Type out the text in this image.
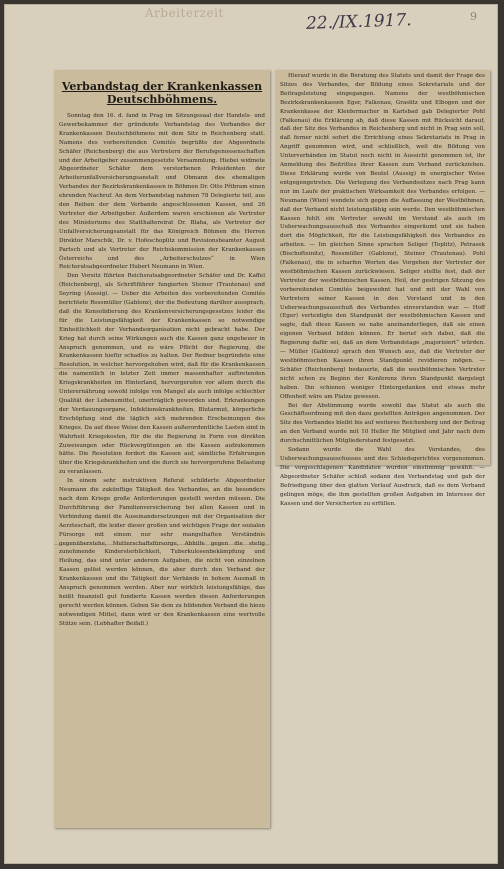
Arbeiterzeit	22./IX.1917.	9
Verbandstag der Krankenkassen
Deutschböhmens.

Sonntag den 16. d. fand in Prag im Sitzungssaal der Handels- und Gewerbekammer der gründende Verbandstag des Verbandes der Krankenkassen Deutschböhmens mit dem Sitz in Reichenberg statt. Namens des vorbereitenden Comités begrüßte der Abgeordnete Schäfer (Reichenberg) die aus Vertretern der Berufsgenossenschaften und der Arbeitgeber zusammengesetzte Versammlung. Hiebei widmete Abgeordneter Schäfer dem verstorbenen Präsidenten der Arbeiterunfallversicherungsanstalt und Obmann des ehemaligen Verbandes der Bezirkskrankenkassen in Böhmen Dr. Otto Přibram einen ehrenden Nachruf. An dem Verbandstag nahmen 78 Delegierte teil, aus den Reihen der dem Verbande angeschlossenen Kassen, und 26 Vertreter der Arbeitgeber. Außerdem waren erschienen als Vertreter des Ministeriums des Statthaltereirat Dr. Blaha, als Vertreter der Unfallversicherungsanstalt für das Königreich Böhmen die Herren Direktor Marschik, Dr. v. Hofeschoplitz und Revisionsbeamter August Partsch und als Vertreter der Reichskommission der Krankenkassen Österreichs und des „Arbeiterschutzes“ in Wien Reichsratsabgeordneter Hubert Neumann in Wien.

Den Vorsitz führten Reichsratsabgeordneter Schäfer und Dr. Kaffel (Reichenberg), als Schriftführer fungierten Steiner (Trautenau) und Seyring (Aussig). — Ueber die Arbeiten des vorbereitenden Comités berichtete Rossmüller (Gablonz), der die Bedeutung darüber aussprach, daß die Konsolidierung des Krankenversicherungsgesetzes leider die für die Leistungsfähigkeit der Krankenkassen so notwendige Einheitlichkeit der Verbandsorganisation nicht gebracht habe. Der Krieg hat durch seine Wirkungen auch die Kassen ganz ungeheuer in Anspruch genommen, und es wäre Pflicht der Regierung, die Krankenkassen hiefür schadlos zu halten. Der Redner begründete eine Resolution, in welcher hervorgehoben wird, daß für die Krankenkassen die namentlich in letzter Zeit immer massenhafter auftretenden Kriegskrankheiten im Hinterland, hervorgerufen vor allem durch die Unterernährung sowohl infolge von Mangel als auch infolge schlechter Qualität der Lebensmittel, unerträglich geworden sind. Erkrankungen der Verdauungsorgane, Infektionskrankheiten, Blutarmut, körperliche Erschöpfung sind die täglich sich mehrenden Erscheinungen des Krieges. Da auf diese Weise den Kassen außerordentliche Lasten sind in Wahrheit Kriegskosten, für die die Regierung in Form von direkten Zuweisungen oder Rückvergütungen an die Kassen aufzukommen hätte. Die Resolution fordert die Kassen auf, sämtliche Erfahrungen über die Kriegskrankheiten und die durch sie hervorgerufene Belastung zu veranlassen.

In einem sehr instruktiven Referat schilderte Abgeordneter Neumann die zukünftige Tätigkeit des Verbandes, an die besonders nach dem Kriege große Anforderungen gestellt werden müssen. Die Durchführung der Familienversicherung bei allen Kassen und in Verbindung damit die Auseinandersetzungen mit der Organisation der Aerzteschaft, die leider dieser großen und wichtigen Frage der sozialen Fürsorge mit einem nur sehr mangelhaften Verständnis gegenüberstehe, Mutterschaftsfürsorge, Abhilfe gegen die stetig zunehmende Kindersterblichkeit, Tuberkulosenbekämpfung und Heilung, das sind unter anderem Aufgaben, die nicht von einzelnen Kassen gelöst werden können, die aber durch den Verband der Krankenkassen und die Tätigkeit der Verbände in hohem Ausmaß in Anspruch genommen werden. Aber nur wirklich leistungsfähige, das heißt finanziell gut fundierte Kassen werden diesen Anforderungen gerecht werden können. Geben Sie dem zu bildenden Verband die hiezu notwendigen Mittel, dann wird er den Krankenkassen eine wertvolle Stütze sein. (Lebhafter Beifall.)

Hierauf wurde in die Beratung des Statuts und damit der Frage des Sitzes des Verbandes, der Bildung eines Sekretariats und der Beitragsleistung eingegangen. Namens der westböhmischen Bezirkskrankenkassen Eger, Falkenau, Graslitz und Elbogen und der Krankenkasse der Kleidermacher in Karlsbad gab Delegierter Pohl (Falkenau) die Erklärung ab, daß diese Kassen mit Rücksicht darauf, daß der Sitz des Verbandes in Reichenberg und nicht in Prag sein soll, daß ferner nicht sofort die Errichtung eines Sekretariats in Prag in Angriff genommen wird, und schließlich, weil die Bildung von Unterverbänden im Statut noch nicht in Aussicht genommen ist, ihr Anmeldung des Beitrittes ihrer Kassen zum Verband zurückziehen. Diese Erklärung wurde von Beutel (Aussig) in energischer Weise entgegengetreten. Die Verlegung des Verbandssitzes nach Prag kann nur im Laufe der praktischen Wirksamkeit des Verbandes erfolgen. — Neumann (Wien) wendete sich gegen die Auffassung der Westböhmen, daß der Verband nicht leistungsfähig sein werde. Den westböhmischen Kassen fehlt ein Vertreter sowohl im Vorstand als auch im Ueberwachungsausschuß des Verbandes eingeräumt und sie haben dort die Möglichkeit, für die Leistungsfähigkeit des Verbandes zu arbeiten. — Im gleichen Sinne sprachen Seliger (Teplitz), Petrasek (Bischofteinitz), Rossmüller (Gablonz), Steiner (Trautenau). Pohl (Falkenau), die in scharfen Worten das Vorgehen der Vertreter der westböhmischen Kassen zurückwiesen. Seliger stellte fest, daß der Vertreter der westböhmischen Kassen, Heil, der gestrigen Sitzung des vorbereitenden Comités beigewohnt hat und mit der Wahl von Vertretern seiner Kassen in den Vorstand und in den Ueberwachungsausschuß des Verbandes einverstanden war. — Hoff (Eger) verteidigte den Standpunkt der westböhmischen Kassen und sagte, daß diese Kassen so nahe aneinanderliegen, daß sie einen eigenen Verband bilden können. Er berief sich dabei, daß die Regierung dafür sei, daß an dem Verbandstage „majorisiert“ würden. — Müller (Gablonz) sprach den Wunsch aus, daß die Vertreter der westböhmischen Kassen ihren Standpunkt revidieren mögen. — Schäfer (Reichenberg) bedauerte, daß die westböhmischen Vertreter nicht schon zu Beginn der Konferenz ihren Standpunkt dargelegt haben. Ihn schienen weniger Hintergedanken und etwas mehr Offenheit wäre am Platze gewesen.

Bei der Abstimmung wurde sowohl das Statut als auch die Geschäftsordnung mit den dazu gestellten Anträgen angenommen. Der Sitz des Verbandes bleibt bis auf weiteres Reichenberg und der Beitrag an den Verband wurde mit 10 Heller für Mitglied und Jahr nach dem durchschnittlichen Mitgliederstand festgesetzt.

Sodann wurde die Wahl des Vorstandes, des Ueberwachungsausschusses und des Schiedsgerichtes vorgenommen. Die vorgeschlagenen Kandidaten wurden einstimmig gewählt. — Abgeordneter Schäfer schloß sodann den Verbandstag und gab der Befriedigung über den glatten Verlauf Ausdruck, daß es dem Verband gelingen möge, die ihm gestellten großen Aufgaben im Interesse der Kassen und der Versicherten zu erfüllen.
